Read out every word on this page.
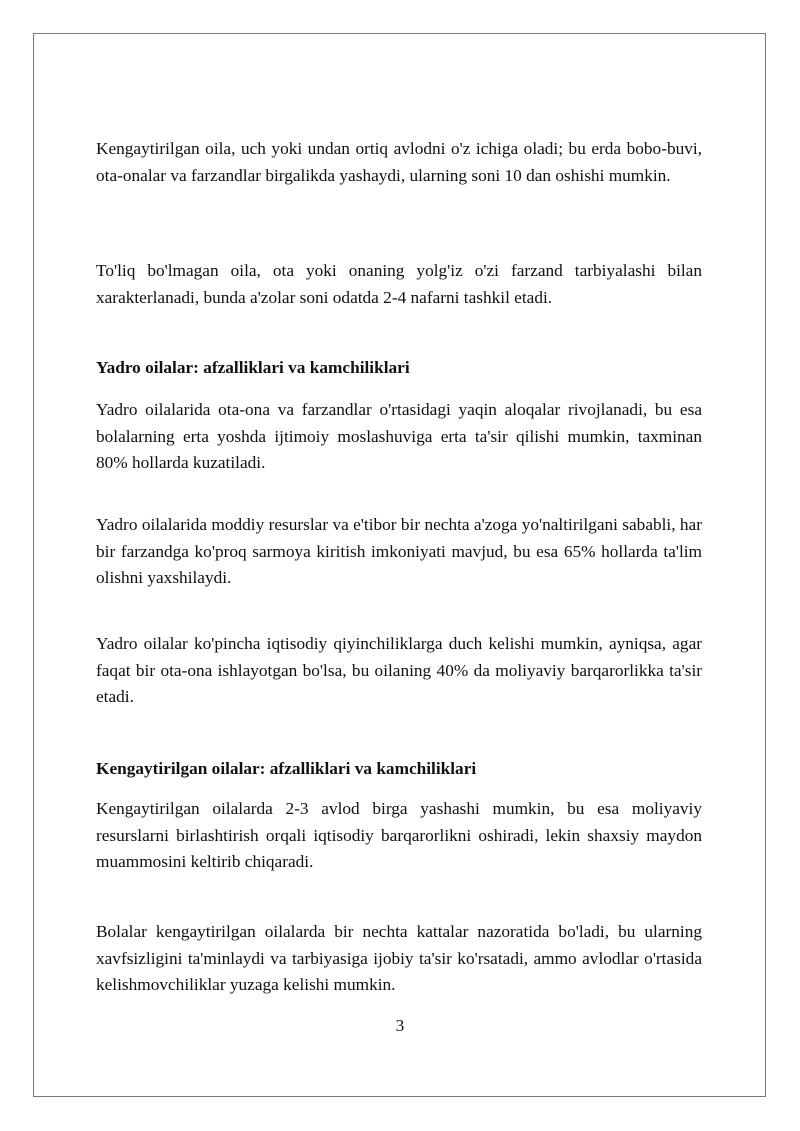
Kengaytirilgan oila, uch yoki undan ortiq avlodni o'z ichiga oladi; bu erda bobo-buvi, ota-onalar va farzandlar birgalikda yashaydi, ularning soni 10 dan oshishi mumkin.

To'liq bo'lmagan oila, ota yoki onaning yolg'iz o'zi farzand tarbiyalashi bilan xarakterlanadi, bunda a'zolar soni odatda 2-4 nafarni tashkil etadi.

Yadro oilalar: afzalliklari va kamchiliklari

Yadro oilalarida ota-ona va farzandlar o'rtasidagi yaqin aloqalar rivojlanadi, bu esa bolalarning erta yoshda ijtimoiy moslashuviga erta ta'sir qilishi mumkin, taxminan 80% hollarda kuzatiladi.

Yadro oilalarida moddiy resurslar va e'tibor bir nechta a'zoga yo'naltirilgani sababli, har bir farzandga ko'proq sarmoya kiritish imkoniyati mavjud, bu esa 65% hollarda ta'lim olishni yaxshilaydi.

Yadro oilalar ko'pincha iqtisodiy qiyinchiliklarga duch kelishi mumkin, ayniqsa, agar faqat bir ota-ona ishlayotgan bo'lsa, bu oilaning 40% da moliyaviy barqarorlikka ta'sir etadi.

Kengaytirilgan oilalar: afzalliklari va kamchiliklari

Kengaytirilgan oilalarda 2-3 avlod birga yashashi mumkin, bu esa moliyaviy resurslarni birlashtirish orqali iqtisodiy barqarorlikni oshiradi, lekin shaxsiy maydon muammosini keltirib chiqaradi.

Bolalar kengaytirilgan oilalarda bir nechta kattalar nazoratida bo'ladi, bu ularning xavfsizligini ta'minlaydi va tarbiyasiga ijobiy ta'sir ko'rsatadi, ammo avlodlar o'rtasida kelishmovchiliklar yuzaga kelishi mumkin.

3
